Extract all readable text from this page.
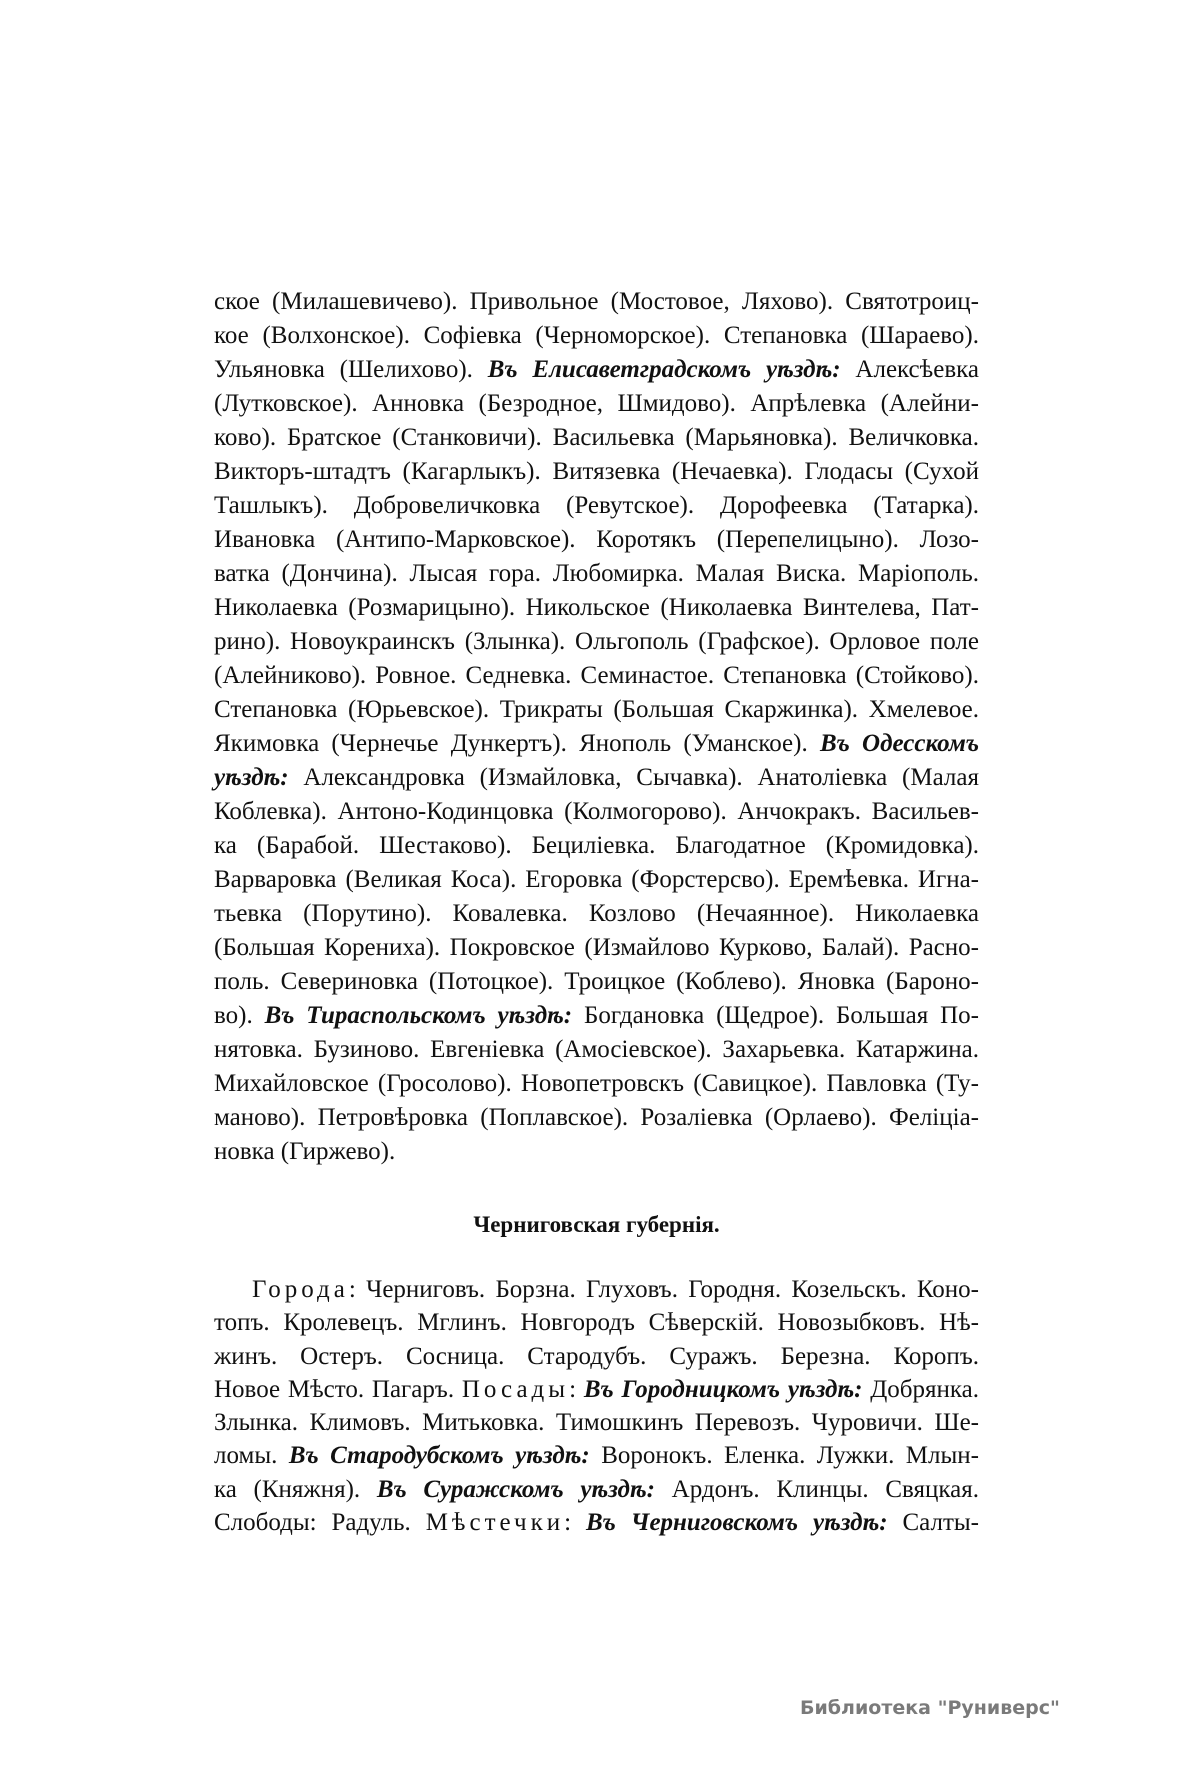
ское (Милашевичево). Привольное (Мостовое, Ляхово). Святотроиц-
кое (Волхонское). Софіевка (Черноморское). Степановка (Шараево).
Ульяновка (Шелихово). Въ Елисаветградскомъ уѣздѣ: Алексѣевка
(Лутковское). Анновка (Безродное, Шмидово). Апрѣлевка (Алейни-
ково). Братское (Станковичи). Васильевка (Марьяновка). Величковка.
Викторъ-штадтъ (Кагарлыкъ). Витязевка (Нечаевка). Глодасы (Сухой
Ташлыкъ). Добровеличковка (Ревутское). Дорофеевка (Татарка).
Ивановка (Антипо-Марковское). Коротякъ (Перепелицыно). Лозо-
ватка (Дончина). Лысая гора. Любомирка. Малая Виска. Маріополь.
Николаевка (Розмарицыно). Никольское (Николаевка Винтелева, Пат-
рино). Новоукраинскъ (Злынка). Ольгополь (Графское). Орловое поле
(Алейниково). Ровное. Седневка. Семинастое. Степановка (Стойково).
Степановка (Юрьевское). Трикраты (Большая Скаржинка). Хмелевое.
Якимовка (Чернечье Дункертъ). Янополь (Уманское). Въ Одесскомъ
уѣздѣ: Александровка (Измайловка, Сычавка). Анатоліевка (Малая
Коблевка). Антоно-Кодинцовка (Колмогорово). Анчокракъ. Васильев-
ка (Барабой. Шестаково). Бециліевка. Благодатное (Кромидовка).
Варваровка (Великая Коса). Егоровка (Форстерсво). Еремѣевка. Игна-
тьевка (Порутино). Ковалевка. Козлово (Нечаянное). Николаевка
(Большая Корениха). Покровское (Измайлово Курково, Балай). Расно-
поль. Севериновка (Потоцкое). Троицкое (Коблево). Яновка (Бароно-
во). Въ Тираспольскомъ уѣздѣ: Богдановка (Щедрое). Большая По-
нятовка. Бузиново. Евгеніевка (Амосіевское). Захарьевка. Катаржина.
Михайловское (Гросолово). Новопетровскъ (Савицкое). Павловка (Ту-
маново). Петровѣровка (Поплавское). Розаліевка (Орлаево). Феліціа-
новка (Гиржево).
Черниговская губернія.
Города: Черниговъ. Борзна. Глуховъ. Городня. Козельскъ. Коно-
топъ. Кролевецъ. Мглинъ. Новгородъ Сѣверскій. Новозыбковъ. Нѣ-
жинъ. Остеръ. Сосница. Стародубъ. Суражъ. Березна. Коропъ.
Новое Мѣсто. Пагаръ. Посады: Въ Городницкомъ уѣздѣ: Добрянка.
Злынка. Климовъ. Митьковка. Тимошкинъ Перевозъ. Чуровичи. Ше-
ломы. Въ Стародубскомъ уѣздѣ: Воронокъ. Еленка. Лужки. Млын-
ка (Княжня). Въ Суражскомъ уѣздѣ: Ардонъ. Клинцы. Свяцкая.
Слободы: Радуль. Мѣстечки: Въ Черниговскомъ уѣздѣ: Салты-
Библиотека "Руниверс"
